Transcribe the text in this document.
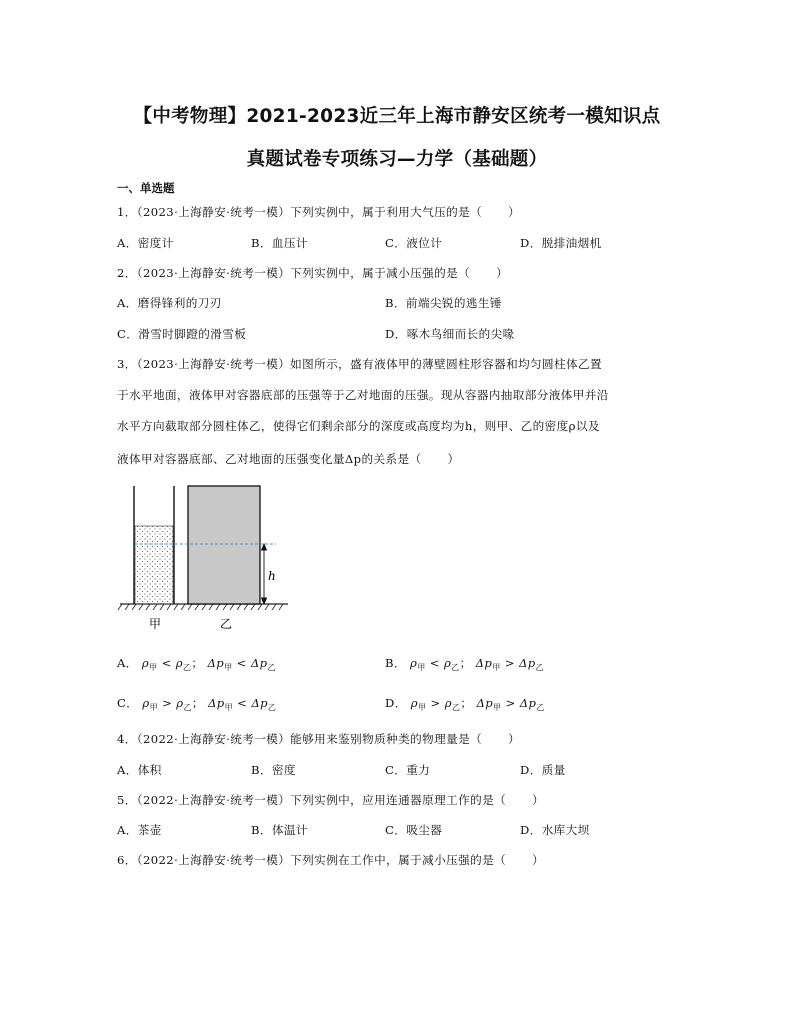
【中考物理】2021-2023近三年上海市静安区统考一模知识点
真题试卷专项练习—力学（基础题）
一、单选题
1．（2023·上海静安·统考一模）下列实例中，属于利用大气压的是（ ）
A．密度计	B．血压计	C．液位计	D．脱排油烟机
2．（2023·上海静安·统考一模）下列实例中，属于减小压强的是（ ）
A．磨得锋利的刀刃	B．前端尖锐的逃生锤
C．滑雪时脚蹬的滑雪板	D．啄木鸟细而长的尖喙
3．（2023·上海静安·统考一模）如图所示，盛有液体甲的薄壁圆柱形容器和均匀圆柱体乙置
于水平地面，液体甲对容器底部的压强等于乙对地面的压强。现从容器内抽取部分液体甲并沿
水平方向截取部分圆柱体乙，使得它们剩余部分的深度或高度均为h，则甲、乙的密度ρ以及
液体甲对容器底部、乙对地面的压强变化量Δp的关系是（ ）
h
甲	乙
A． $\rho_甲 < \rho_乙$； $\Delta p_甲 < \Delta p_乙$	B． $\rho_甲 < \rho_乙$； $\Delta p_甲 > \Delta p_乙$
C． $\rho_甲 > \rho_乙$； $\Delta p_甲 < \Delta p_乙$	D． $\rho_甲 > \rho_乙$； $\Delta p_甲 > \Delta p_乙$
4．（2022·上海静安·统考一模）能够用来鉴别物质种类的物理量是（ ）
A．体积	B．密度	C．重力	D．质量
5．（2022·上海静安·统考一模）下列实例中，应用连通器原理工作的是（ ）
A．茶壶	B．体温计	C．吸尘器	D．水库大坝
6．（2022·上海静安·统考一模）下列实例在工作中，属于减小压强的是（ ）
